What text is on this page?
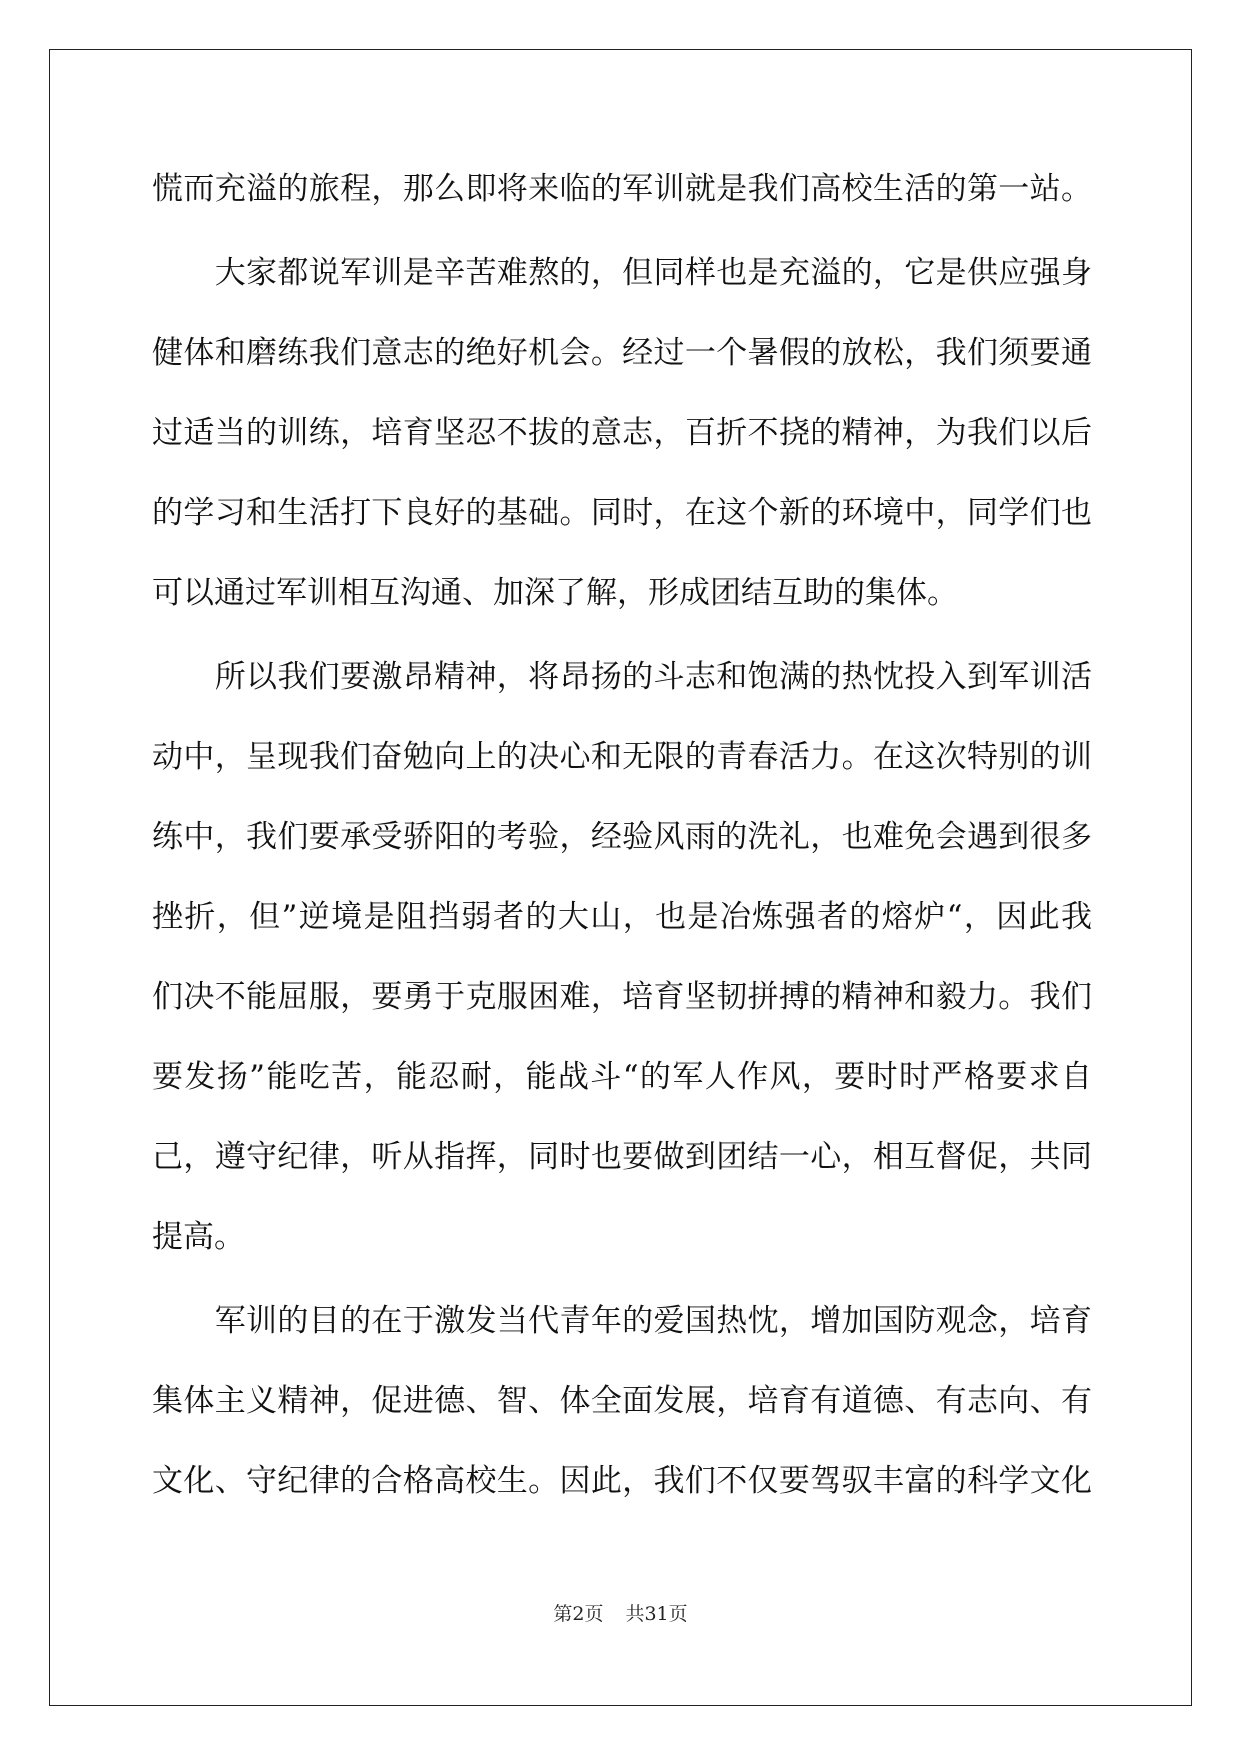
慌而充溢的旅程，那么即将来临的军训就是我们高校生活的第一站。
　　大家都说军训是辛苦难熬的，但同样也是充溢的，它是供应强身
健体和磨练我们意志的绝好机会。经过一个暑假的放松，我们须要通
过适当的训练，培育坚忍不拔的意志，百折不挠的精神，为我们以后
的学习和生活打下良好的基础。同时，在这个新的环境中，同学们也
可以通过军训相互沟通、加深了解，形成团结互助的集体。
　　所以我们要激昂精神，将昂扬的斗志和饱满的热忱投入到军训活
动中，呈现我们奋勉向上的决心和无限的青春活力。在这次特别的训
练中，我们要承受骄阳的考验，经验风雨的洗礼，也难免会遇到很多
挫折，但”逆境是阻挡弱者的大山，也是冶炼强者的熔炉“，因此我
们决不能屈服，要勇于克服困难，培育坚韧拼搏的精神和毅力。我们
要发扬”能吃苦，能忍耐，能战斗“的军人作风，要时时严格要求自
己，遵守纪律，听从指挥，同时也要做到团结一心，相互督促，共同
提高。
　　军训的目的在于激发当代青年的爱国热忱，增加国防观念，培育
集体主义精神，促进德、智、体全面发展，培育有道德、有志向、有
文化、守纪律的合格高校生。因此，我们不仅要驾驭丰富的科学文化
第2页 共31页
